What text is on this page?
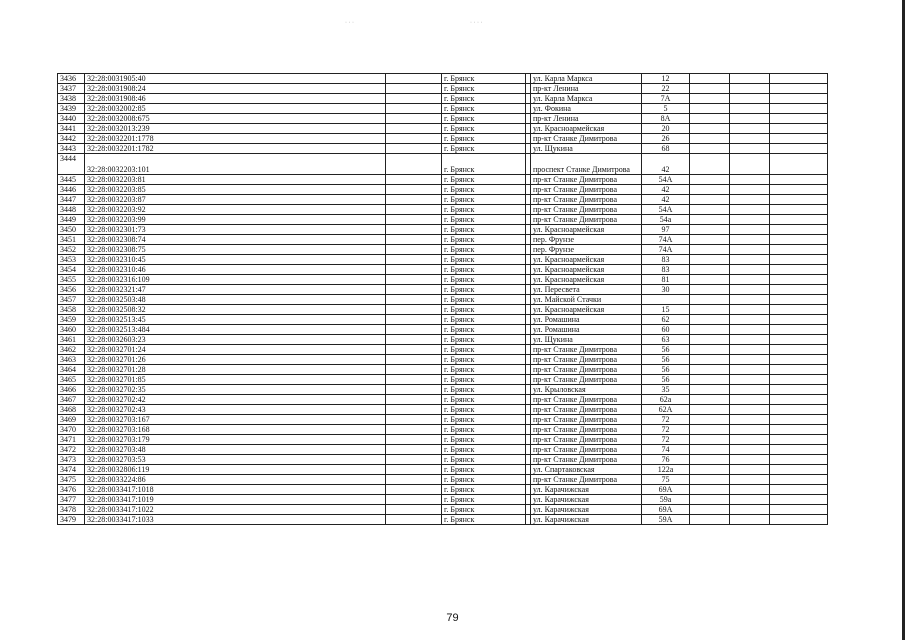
· · ·	· · · ·
3436	32:28:0031905:40		г. Брянск		ул. Карла Маркса	12			
3437	32:28:0031908:24		г. Брянск		пр-кт Ленина	22			
3438	32:28:0031908:46		г. Брянск		ул. Карла Маркса	7А			
3439	32:28:0032002:85		г. Брянск		ул. Фокина	5			
3440	32:28:0032008:675		г. Брянск		пр-кт Ленина	8А			
3441	32:28:0032013:239		г. Брянск		ул. Красноармейская	20			
3442	32:28:0032201:1778		г. Брянск		пр-кт Станке Димитрова	26			
3443	32:28:0032201:1782		г. Брянск		ул. Щукина	68			
3444	32:28:0032203:101		г. Брянск		проспект Станке Димитрова	42			
3445	32:28:0032203:81		г. Брянск		пр-кт Станке Димитрова	54А			
3446	32:28:0032203:85		г. Брянск		пр-кт Станке Димитрова	42			
3447	32:28:0032203:87		г. Брянск		пр-кт Станке Димитрова	42			
3448	32:28:0032203:92		г. Брянск		пр-кт Станке Димитрова	54А			
3449	32:28:0032203:99		г. Брянск		пр-кт Станке Димитрова	54а			
3450	32:28:0032301:73		г. Брянск		ул. Красноармейская	97			
3451	32:28:0032308:74		г. Брянск		пер. Фрунзе	74А			
3452	32:28:0032308:75		г. Брянск		пер. Фрунзе	74А			
3453	32:28:0032310:45		г. Брянск		ул. Красноармейская	83			
3454	32:28:0032310:46		г. Брянск		ул. Красноармейская	83			
3455	32:28:0032316:109		г. Брянск		ул. Красноармейская	81			
3456	32:28:0032321:47		г. Брянск		ул. Пересвета	30			
3457	32:28:0032503:48		г. Брянск		ул. Майской Стачки				
3458	32:28:0032508:32		г. Брянск		ул. Красноармейская	15			
3459	32:28:0032513:45		г. Брянск		ул. Ромашина	62			
3460	32:28:0032513:484		г. Брянск		ул. Ромашина	60			
3461	32:28:0032603:23		г. Брянск		ул. Щукина	63			
3462	32:28:0032701:24		г. Брянск		пр-кт Станке Димитрова	56			
3463	32:28:0032701:26		г. Брянск		пр-кт Станке Димитрова	56			
3464	32:28:0032701:28		г. Брянск		пр-кт Станке Димитрова	56			
3465	32:28:0032701:85		г. Брянск		пр-кт Станке Димитрова	56			
3466	32:28:0032702:35		г. Брянск		ул. Крыловская	35			
3467	32:28:0032702:42		г. Брянск		пр-кт Станке Димитрова	62а			
3468	32:28:0032702:43		г. Брянск		пр-кт Станке Димитрова	62А			
3469	32:28:0032703:167		г. Брянск		пр-кт Станке Димитрова	72			
3470	32:28:0032703:168		г. Брянск		пр-кт Станке Димитрова	72			
3471	32:28:0032703:179		г. Брянск		пр-кт Станке Димитрова	72			
3472	32:28:0032703:48		г. Брянск		пр-кт Станке Димитрова	74			
3473	32:28:0032703:53		г. Брянск		пр-кт Станке Димитрова	76			
3474	32:28:0032806:119		г. Брянск		ул. Спартаковская	122а			
3475	32:28:0033224:86		г. Брянск		пр-кт Станке Димитрова	75			
3476	32:28:0033417:1018		г. Брянск		ул. Карачижская	69А			
3477	32:28:0033417:1019		г. Брянск		ул. Карачижская	59а			
3478	32:28:0033417:1022		г. Брянск		ул. Карачижская	69А			
3479	32:28:0033417:1033		г. Брянск		ул. Карачижская	59А			
79
